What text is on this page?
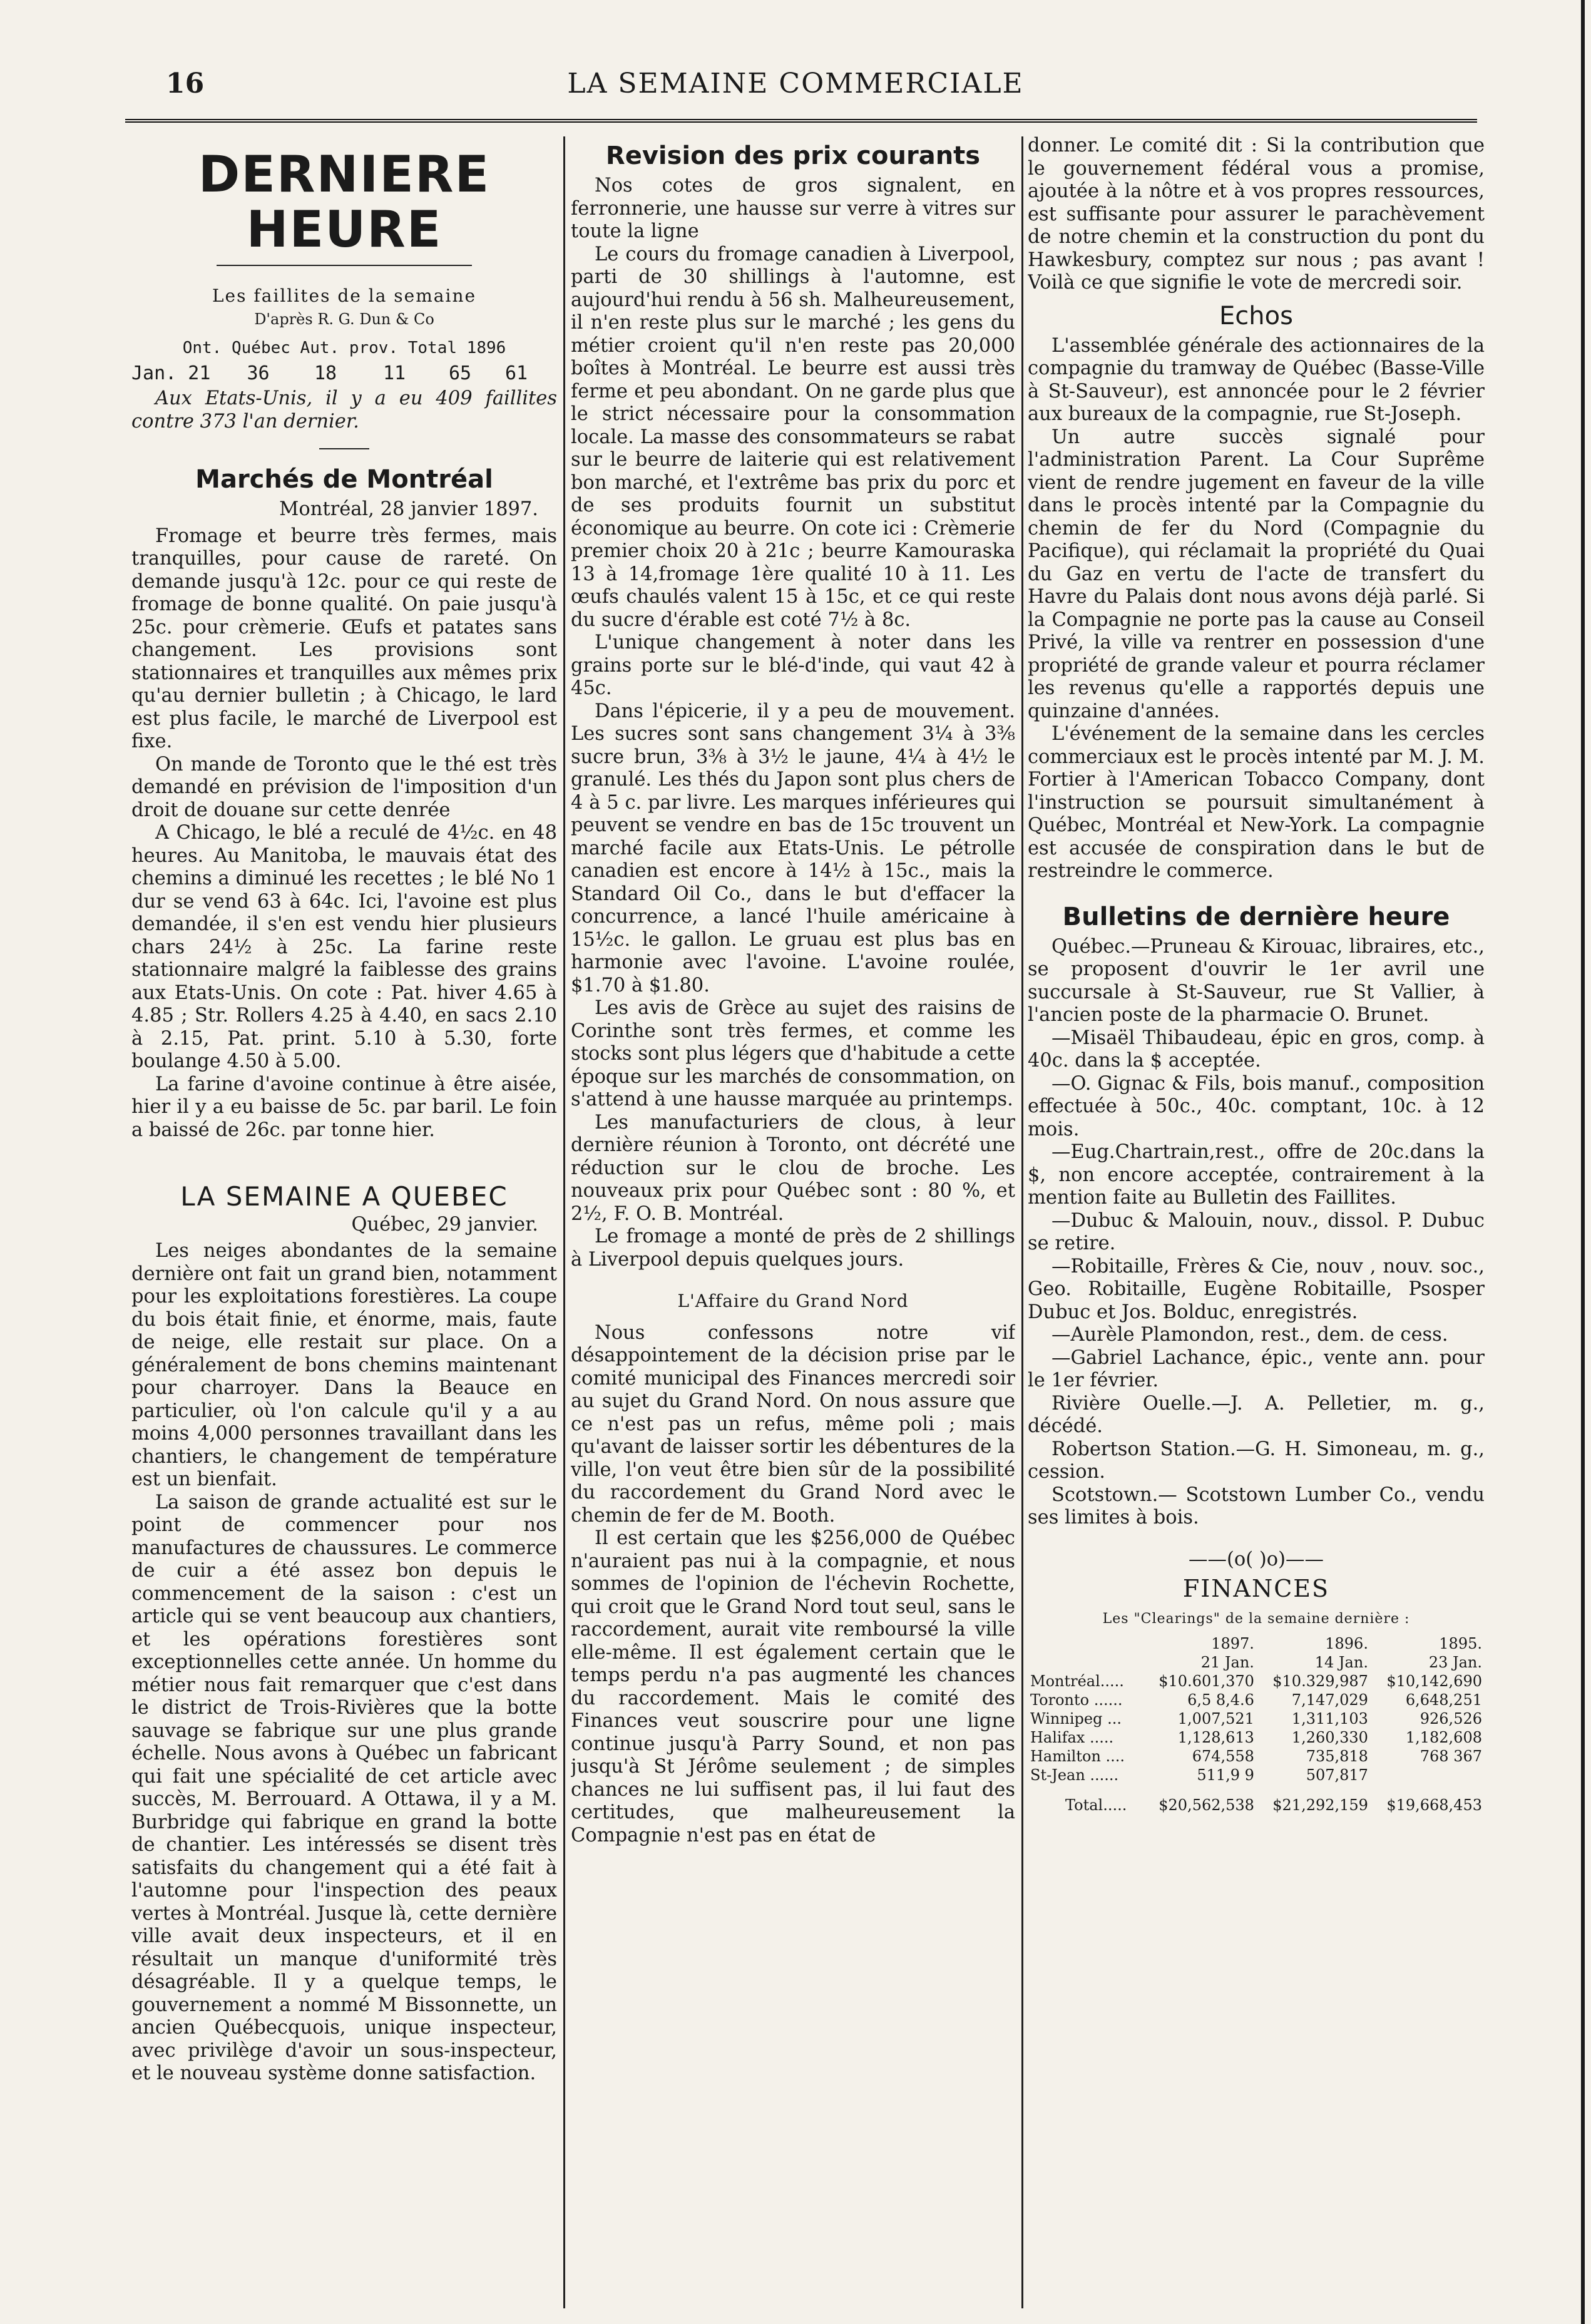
16	LA SEMAINE COMMERCIALE
DERNIERE HEURE
Les faillites de la semaine
D'après R. G. Dun & Co
Ont. Québec Aut. prov. Total 1896
Jan. 21 36 18 11 65 61

Aux Etats-Unis, il y a eu 409 faillites contre 373 l'an dernier.

Marchés de Montréal
Montréal, 28 janvier 1897.

Fromage et beurre très fermes, mais tranquilles, pour cause de rareté. On demande jusqu'à 12c. pour ce qui reste de fromage de bonne qualité. On paie jusqu'à 25c. pour crèmerie. Œufs et patates sans changement. Les provisions sont stationnaires et tranquilles aux mêmes prix qu'au dernier bulletin ; à Chicago, le lard est plus facile, le marché de Liverpool est fixe.

On mande de Toronto que le thé est très demandé en prévision de l'imposition d'un droit de douane sur cette denrée

A Chicago, le blé a reculé de 4½c. en 48 heures. Au Manitoba, le mauvais état des chemins a diminué les recettes ; le blé No 1 dur se vend 63 à 64c. Ici, l'avoine est plus demandée, il s'en est vendu hier plusieurs chars 24½ à 25c. La farine reste stationnaire malgré la faiblesse des grains aux Etats-Unis. On cote : Pat. hiver 4.65 à 4.85 ; Str. Rollers 4.25 à 4.40, en sacs 2.10 à 2.15, Pat. print. 5.10 à 5.30, forte boulange 4.50 à 5.00.

La farine d'avoine continue à être aisée, hier il y a eu baisse de 5c. par baril. Le foin a baissé de 26c. par tonne hier.

LA SEMAINE A QUEBEC
Québec, 29 janvier.

Les neiges abondantes de la semaine dernière ont fait un grand bien, notamment pour les exploitations forestières. La coupe du bois était finie, et énorme, mais, faute de neige, elle restait sur place. On a généralement de bons chemins maintenant pour charroyer. Dans la Beauce en particulier, où l'on calcule qu'il y a au moins 4,000 personnes travaillant dans les chantiers, le changement de température est un bienfait.

La saison de grande actualité est sur le point de commencer pour nos manufactures de chaussures. Le commerce de cuir a été assez bon depuis le commencement de la saison : c'est un article qui se vent beaucoup aux chantiers, et les opérations forestières sont exceptionnelles cette année. Un homme du métier nous fait remarquer que c'est dans le district de Trois-Rivières que la botte sauvage se fabrique sur une plus grande échelle. Nous avons à Québec un fabricant qui fait une spécialité de cet article avec succès, M. Berrouard. A Ottawa, il y a M. Burbridge qui fabrique en grand la botte de chantier. Les intéressés se disent très satisfaits du changement qui a été fait à l'automne pour l'inspection des peaux vertes à Montréal. Jusque là, cette dernière ville avait deux inspecteurs, et il en résultait un manque d'uniformité très désagréable. Il y a quelque temps, le gouvernement a nommé M Bissonnette, un ancien Québecquois, unique inspecteur, avec privilège d'avoir un sous-inspecteur, et le nouveau système donne satisfaction.

Revision des prix courants

Nos cotes de gros signalent, en ferronnerie, une hausse sur verre à vitres sur toute la ligne

Le cours du fromage canadien à Liverpool, parti de 30 shillings à l'automne, est aujourd'hui rendu à 56 sh. Malheureusement, il n'en reste plus sur le marché ; les gens du métier croient qu'il n'en reste pas 20,000 boîtes à Montréal. Le beurre est aussi très ferme et peu abondant. On ne garde plus que le strict nécessaire pour la consommation locale. La masse des consommateurs se rabat sur le beurre de laiterie qui est relativement bon marché, et l'extrême bas prix du porc et de ses produits fournit un substitut économique au beurre. On cote ici : Crèmerie premier choix 20 à 21c ; beurre Kamouraska 13 à 14,fromage 1ère qualité 10 à 11. Les œufs chaulés valent 15 à 15c, et ce qui reste du sucre d'érable est coté 7½ à 8c.

L'unique changement à noter dans les grains porte sur le blé-d'inde, qui vaut 42 à 45c.

Dans l'épicerie, il y a peu de mouvement. Les sucres sont sans changement 3¼ à 3⅜ sucre brun, 3⅜ à 3½ le jaune, 4¼ à 4½ le granulé. Les thés du Japon sont plus chers de 4 à 5 c. par livre. Les marques inférieures qui peuvent se vendre en bas de 15c trouvent un marché facile aux Etats-Unis. Le pétrolle canadien est encore à 14½ à 15c., mais la Standard Oil Co., dans le but d'effacer la concurrence, a lancé l'huile américaine à 15½c. le gallon. Le gruau est plus bas en harmonie avec l'avoine. L'avoine roulée, $1.70 à $1.80.

Les avis de Grèce au sujet des raisins de Corinthe sont très fermes, et comme les stocks sont plus légers que d'habitude a cette époque sur les marchés de consommation, on s'attend à une hausse marquée au printemps.

Les manufacturiers de clous, à leur dernière réunion à Toronto, ont décrété une réduction sur le clou de broche. Les nouveaux prix pour Québec sont : 80 %, et 2½, F. O. B. Montréal.

Le fromage a monté de près de 2 shillings à Liverpool depuis quelques jours.

L'Affaire du Grand Nord

Nous confessons notre vif désappointement de la décision prise par le comité municipal des Finances mercredi soir au sujet du Grand Nord. On nous assure que ce n'est pas un refus, même poli ; mais qu'avant de laisser sortir les débentures de la ville, l'on veut être bien sûr de la possibilité du raccordement du Grand Nord avec le chemin de fer de M. Booth.

Il est certain que les $256,000 de Québec n'auraient pas nui à la compagnie, et nous sommes de l'opinion de l'échevin Rochette, qui croit que le Grand Nord tout seul, sans le raccordement, aurait vite remboursé la ville elle-même. Il est également certain que le temps perdu n'a pas augmenté les chances du raccordement. Mais le comité des Finances veut souscrire pour une ligne continue jusqu'à Parry Sound, et non pas jusqu'à St Jérôme seulement ; de simples chances ne lui suffisent pas, il lui faut des certitudes, que malheureusement la Compagnie n'est pas en état de

donner. Le comité dit : Si la contribution que le gouvernement fédéral vous a promise, ajoutée à la nôtre et à vos propres ressources, est suffisante pour assurer le parachèvement de notre chemin et la construction du pont du Hawkesbury, comptez sur nous ; pas avant ! Voilà ce que signifie le vote de mercredi soir.

Echos

L'assemblée générale des actionnaires de la compagnie du tramway de Québec (Basse-Ville à St-Sauveur), est annoncée pour le 2 février aux bureaux de la compagnie, rue St-Joseph.

Un autre succès signalé pour l'administration Parent. La Cour Suprême vient de rendre jugement en faveur de la ville dans le procès intenté par la Compagnie du chemin de fer du Nord (Compagnie du Pacifique), qui réclamait la propriété du Quai du Gaz en vertu de l'acte de transfert du Havre du Palais dont nous avons déjà parlé. Si la Compagnie ne porte pas la cause au Conseil Privé, la ville va rentrer en possession d'une propriété de grande valeur et pourra réclamer les revenus qu'elle a rapportés depuis une quinzaine d'années.

L'événement de la semaine dans les cercles commerciaux est le procès intenté par M. J. M. Fortier à l'American Tobacco Company, dont l'instruction se poursuit simultanément à Québec, Montréal et New-York. La compagnie est accusée de conspiration dans le but de restreindre le commerce.

Bulletins de dernière heure

Québec.—Pruneau & Kirouac, libraires, etc., se proposent d'ouvrir le 1er avril une succursale à St-Sauveur, rue St Vallier, à l'ancien poste de la pharmacie O. Brunet.

—Misaël Thibaudeau, épic en gros, comp. à 40c. dans la $ acceptée.

—O. Gignac & Fils, bois manuf., composition effectuée à 50c., 40c. comptant, 10c. à 12 mois.

—Eug.Chartrain,rest., offre de 20c.dans la $, non encore acceptée, contrairement à la mention faite au Bulletin des Faillites.

—Dubuc & Malouin, nouv., dissol. P. Dubuc se retire.

—Robitaille, Frères & Cie, nouv , nouv. soc., Geo. Robitaille, Eugène Robitaille, Psosper Dubuc et Jos. Bolduc, enregistrés.

—Aurèle Plamondon, rest., dem. de cess.

—Gabriel Lachance, épic., vente ann. pour le 1er février.

Rivière Ouelle.—J. A. Pelletier, m. g., décédé.

Robertson Station.—G. H. Simoneau, m. g., cession.

Scotstown.— Scotstown Lumber Co., vendu ses limites à bois.

——(o( )o)——
FINANCES
Les "Clearings" de la semaine dernière :
	1897.	1896.	1895.
	21 Jan.	14 Jan.	23 Jan.
Montréal.....	$10.601,370	$10.329,987	$10,142,690
Toronto ......	6,5 8,4.6	7,147,029	6,648,251
Winnipeg ...	1,007,521	1,311,103	926,526
Halifax .....	1,128,613	1,260,330	1,182,608
Hamilton ....	674,558	735,818	768 367
St-Jean ......	511,9 9	507,817	
Total.....	$20,562,538	$21,292,159	$19,668,453
